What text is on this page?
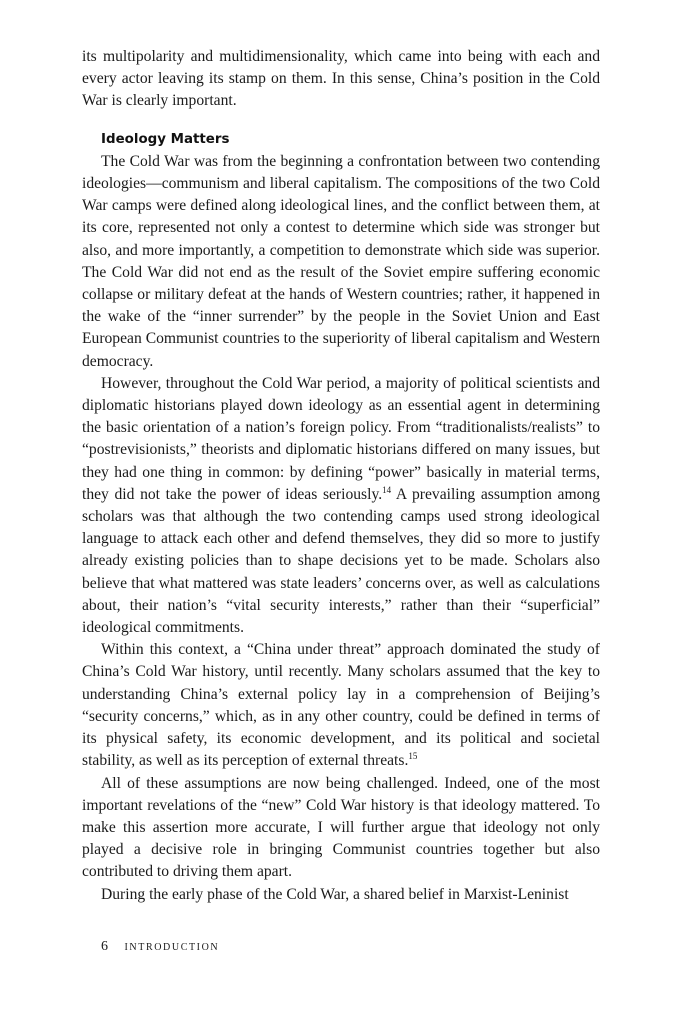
its multipolarity and multidimensionality, which came into being with each and every actor leaving its stamp on them. In this sense, China’s position in the Cold War is clearly important.

Ideology Matters

The Cold War was from the beginning a confrontation between two contending ideologies—communism and liberal capitalism. The compositions of the two Cold War camps were defined along ideological lines, and the conflict between them, at its core, represented not only a contest to determine which side was stronger but also, and more importantly, a competition to demonstrate which side was superior. The Cold War did not end as the result of the Soviet empire suffering economic collapse or military defeat at the hands of Western countries; rather, it happened in the wake of the “inner surrender” by the people in the Soviet Union and East European Communist countries to the superiority of liberal capitalism and Western democracy.

However, throughout the Cold War period, a majority of political scientists and diplomatic historians played down ideology as an essential agent in determining the basic orientation of a nation’s foreign policy. From “traditionalists/realists” to “postrevisionists,” theorists and diplomatic historians differed on many issues, but they had one thing in common: by defining “power” basically in material terms, they did not take the power of ideas seriously.$^{14}$ A prevailing assumption among scholars was that although the two contending camps used strong ideological language to attack each other and defend themselves, they did so more to justify already existing policies than to shape decisions yet to be made. Scholars also believe that what mattered was state leaders’ concerns over, as well as calculations about, their nation’s “vital security interests,” rather than their “superficial” ideological commitments.

Within this context, a “China under threat” approach dominated the study of China’s Cold War history, until recently. Many scholars assumed that the key to understanding China’s external policy lay in a comprehension of Beijing’s “security concerns,” which, as in any other country, could be defined in terms of its physical safety, its economic development, and its political and societal stability, as well as its perception of external threats.$^{15}$

All of these assumptions are now being challenged. Indeed, one of the most important revelations of the “new” Cold War history is that ideology mattered. To make this assertion more accurate, I will further argue that ideology not only played a decisive role in bringing Communist countries together but also contributed to driving them apart.

During the early phase of the Cold War, a shared belief in Marxist-Leninist

6 introduction
